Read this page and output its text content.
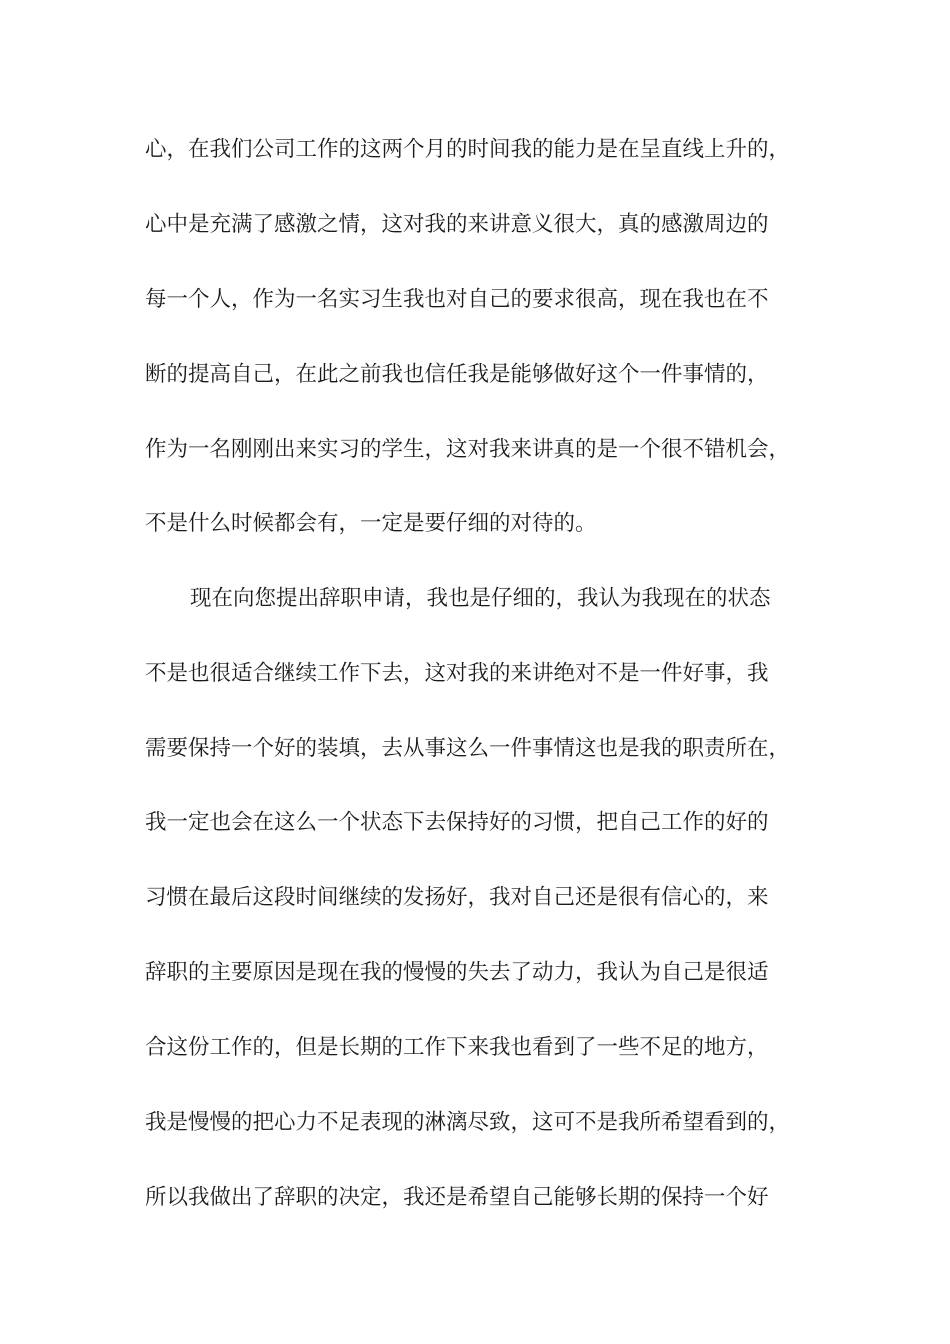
心，在我们公司工作的这两个月的时间我的能力是在呈直线上升的，
心中是充满了感激之情，这对我的来讲意义很大，真的感激周边的
每一个人，作为一名实习生我也对自己的要求很高，现在我也在不
断的提高自己，在此之前我也信任我是能够做好这个一件事情的，
作为一名刚刚出来实习的学生，这对我来讲真的是一个很不错机会，
不是什么时候都会有，一定是要仔细的对待的。
现在向您提出辞职申请，我也是仔细的，我认为我现在的状态
不是也很适合继续工作下去，这对我的来讲绝对不是一件好事，我
需要保持一个好的装填，去从事这么一件事情这也是我的职责所在，
我一定也会在这么一个状态下去保持好的习惯，把自己工作的好的
习惯在最后这段时间继续的发扬好，我对自己还是很有信心的，来
辞职的主要原因是现在我的慢慢的失去了动力，我认为自己是很适
合这份工作的，但是长期的工作下来我也看到了一些不足的地方，
我是慢慢的把心力不足表现的淋漓尽致，这可不是我所希望看到的，
所以我做出了辞职的决定，我还是希望自己能够长期的保持一个好
